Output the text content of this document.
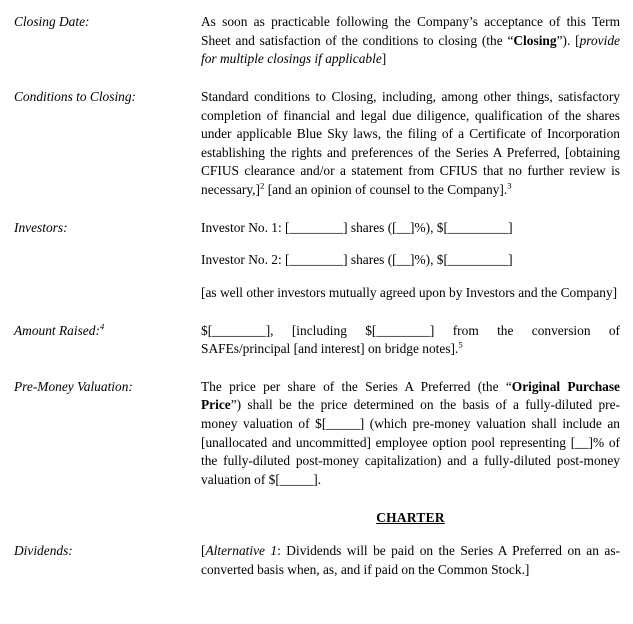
Closing Date:	As soon as practicable following the Company’s acceptance of this Term Sheet and satisfaction of the conditions to closing (the “Closing”). [provide for multiple closings if applicable]

Conditions to Closing:	Standard conditions to Closing, including, among other things, satisfactory completion of financial and legal due diligence, qualification of the shares under applicable Blue Sky laws, the filing of a Certificate of Incorporation establishing the rights and preferences of the Series A Preferred, [obtaining CFIUS clearance and/or a statement from CFIUS that no further review is necessary,]$^2$ [and an opinion of counsel to the Company].$^3$

Investors:	Investor No. 1: [________] shares ([__]%), $[_________]

Investor No. 2: [________] shares ([__]%), $[_________]

[as well other investors mutually agreed upon by Investors and the Company]

Amount Raised:$^4$	$[________], [including $[________] from the conversion of SAFEs/principal [and interest] on bridge notes].$^5$

Pre-Money Valuation:	The price per share of the Series A Preferred (the “Original Purchase Price”) shall be the price determined on the basis of a fully-diluted pre-money valuation of $[_____] (which pre-money valuation shall include an [unallocated and uncommitted] employee option pool representing [__]% of the fully-diluted post-money capitalization) and a fully-diluted post-money valuation of $[_____].

CHARTER

Dividends:	[Alternative 1: Dividends will be paid on the Series A Preferred on an as-converted basis when, as, and if paid on the Common Stock.]
